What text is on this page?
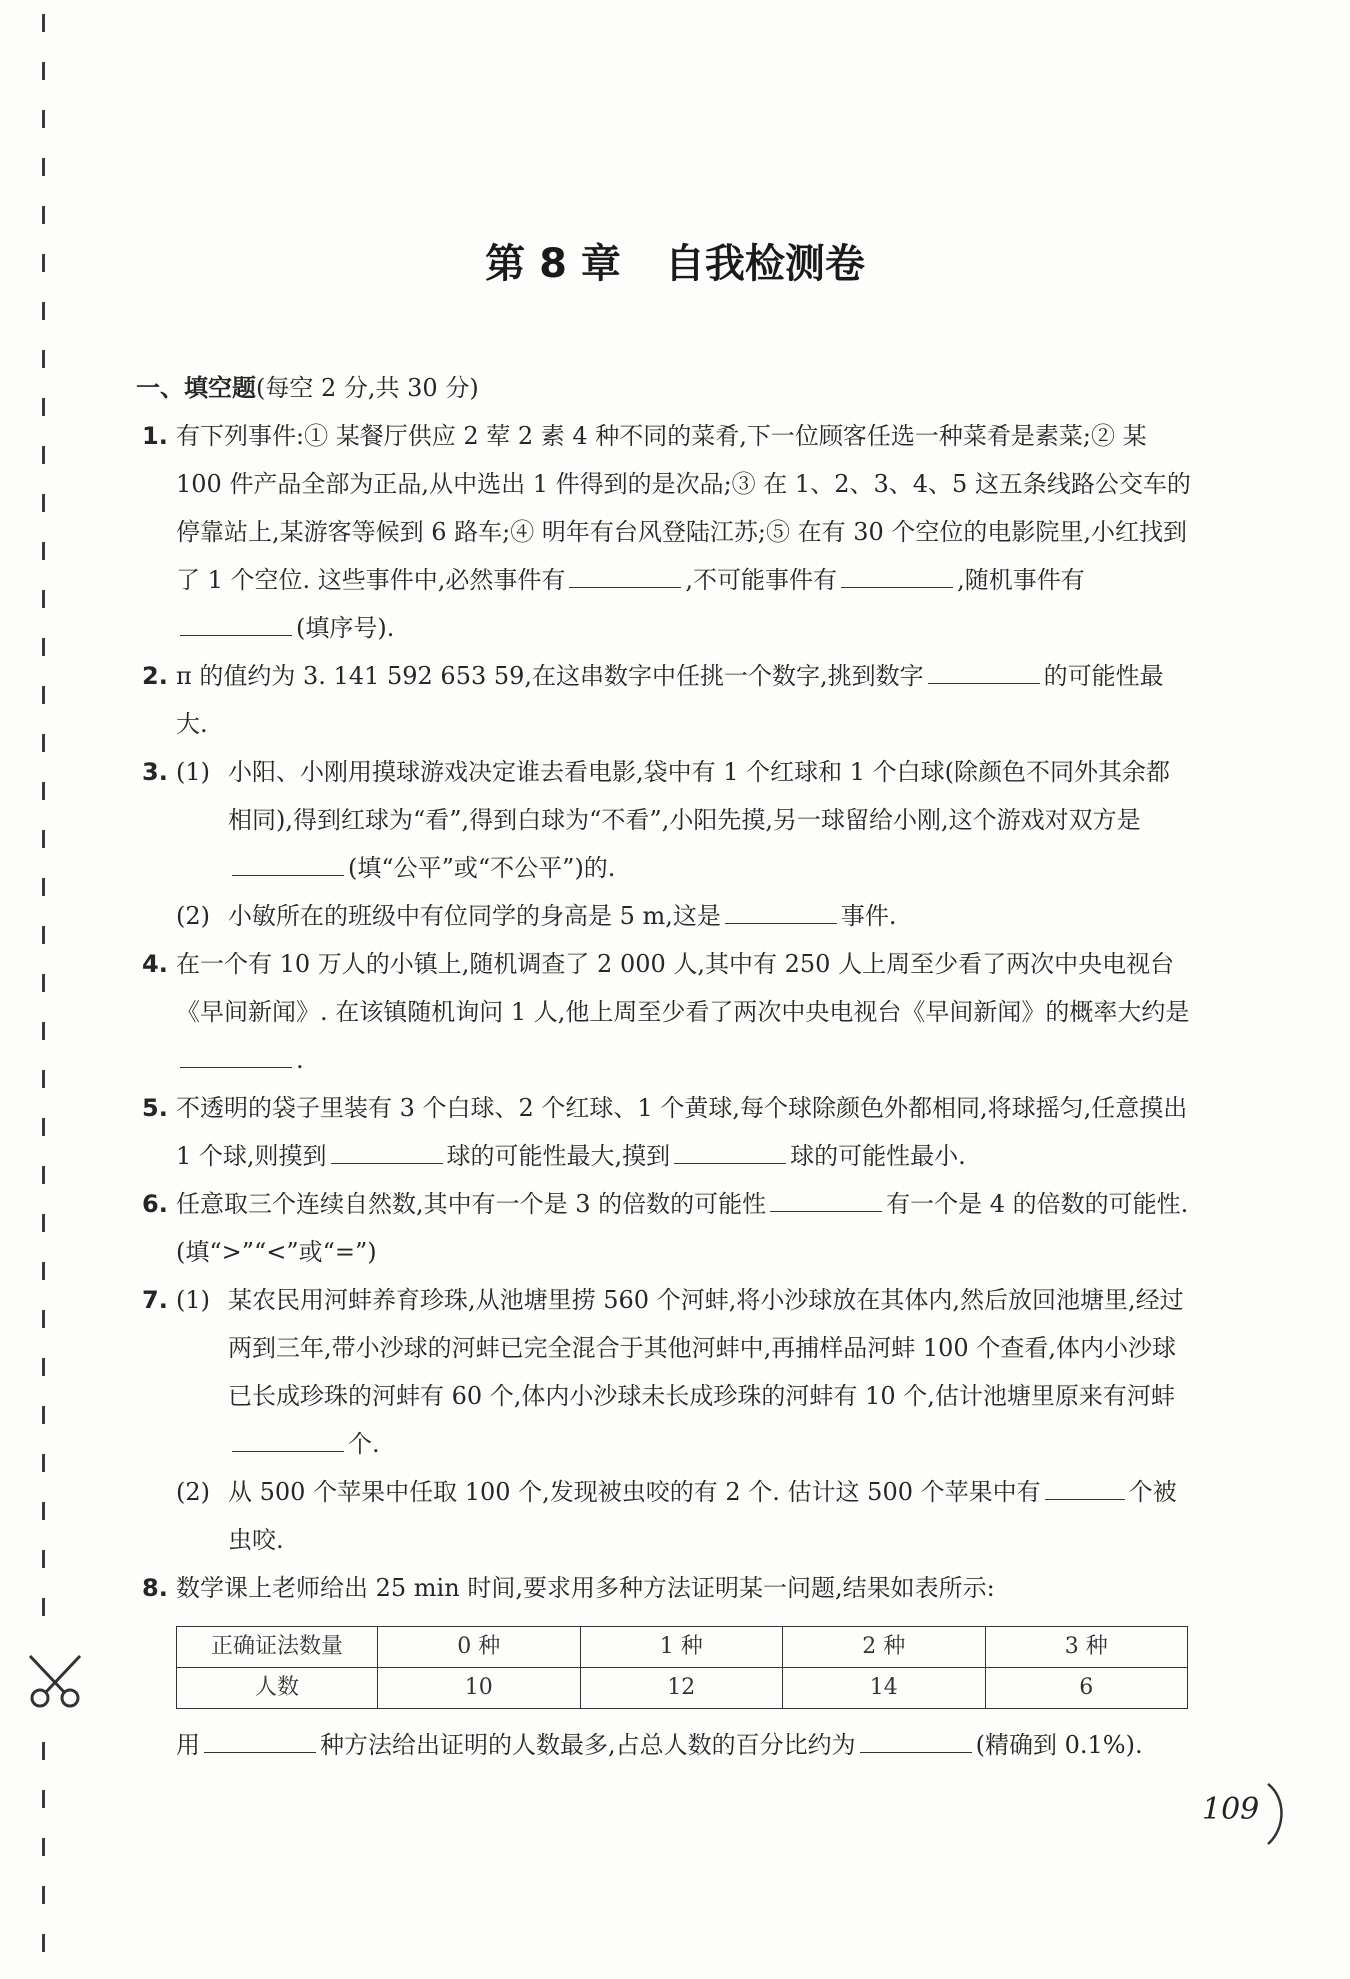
第 8 章 自我检测卷
一、填空题(每空 2 分,共 30 分)
1. 有下列事件:① 某餐厅供应 2 荤 2 素 4 种不同的菜肴,下一位顾客任选一种菜肴是素菜;② 某 100 件产品全部为正品,从中选出 1 件得到的是次品;③ 在 1、2、3、4、5 这五条线路公交车的停靠站上,某游客等候到 6 路车;④ 明年有台风登陆江苏;⑤ 在有 30 个空位的电影院里,小红找到了 1 个空位. 这些事件中,必然事件有	,不可能事件有	,随机事件有(填序号).
2. π 的值约为 3. 141 592 653 59,在这串数字中任挑一个数字,挑到数字	的可能性最大.
3. (1) 小阳、小刚用摸球游戏决定谁去看电影,袋中有 1 个红球和 1 个白球(除颜色不同外其余都相同),得到红球为“看”,得到白球为“不看”,小阳先摸,另一球留给小刚,这个游戏对双方是(填“公平”或“不公平”)的.
(2) 小敏所在的班级中有位同学的身高是 5 m,这是	事件.
4. 在一个有 10 万人的小镇上,随机调查了 2 000 人,其中有 250 人上周至少看了两次中央电视台《早间新闻》. 在该镇随机询问 1 人,他上周至少看了两次中央电视台《早间新闻》的概率大约是.
5. 不透明的袋子里装有 3 个白球、2 个红球、1 个黄球,每个球除颜色外都相同,将球摇匀,任意摸出 1 个球,则摸到	球的可能性最大,摸到	球的可能性最小.
6. 任意取三个连续自然数,其中有一个是 3 的倍数的可能性	有一个是 4 的倍数的可能性.(填“>”“<”或“=”)
7. (1) 某农民用河蚌养育珍珠,从池塘里捞 560 个河蚌,将小沙球放在其体内,然后放回池塘里,经过两到三年,带小沙球的河蚌已完全混合于其他河蚌中,再捕样品河蚌 100 个查看,体内小沙球已长成珍珠的河蚌有 60 个,体内小沙球未长成珍珠的河蚌有 10 个,估计池塘里原来有河蚌个.
(2) 从 500 个苹果中任取 100 个,发现被虫咬的有 2 个. 估计这 500 个苹果中有	个被虫咬.
8. 数学课上老师给出 25 min 时间,要求用多种方法证明某一问题,结果如表所示:
正确证法数量	0 种	1 种	2 种	3 种
人数	10	12	14	6
用	种方法给出证明的人数最多,占总人数的百分比约为	(精确到 0.1%).
109
